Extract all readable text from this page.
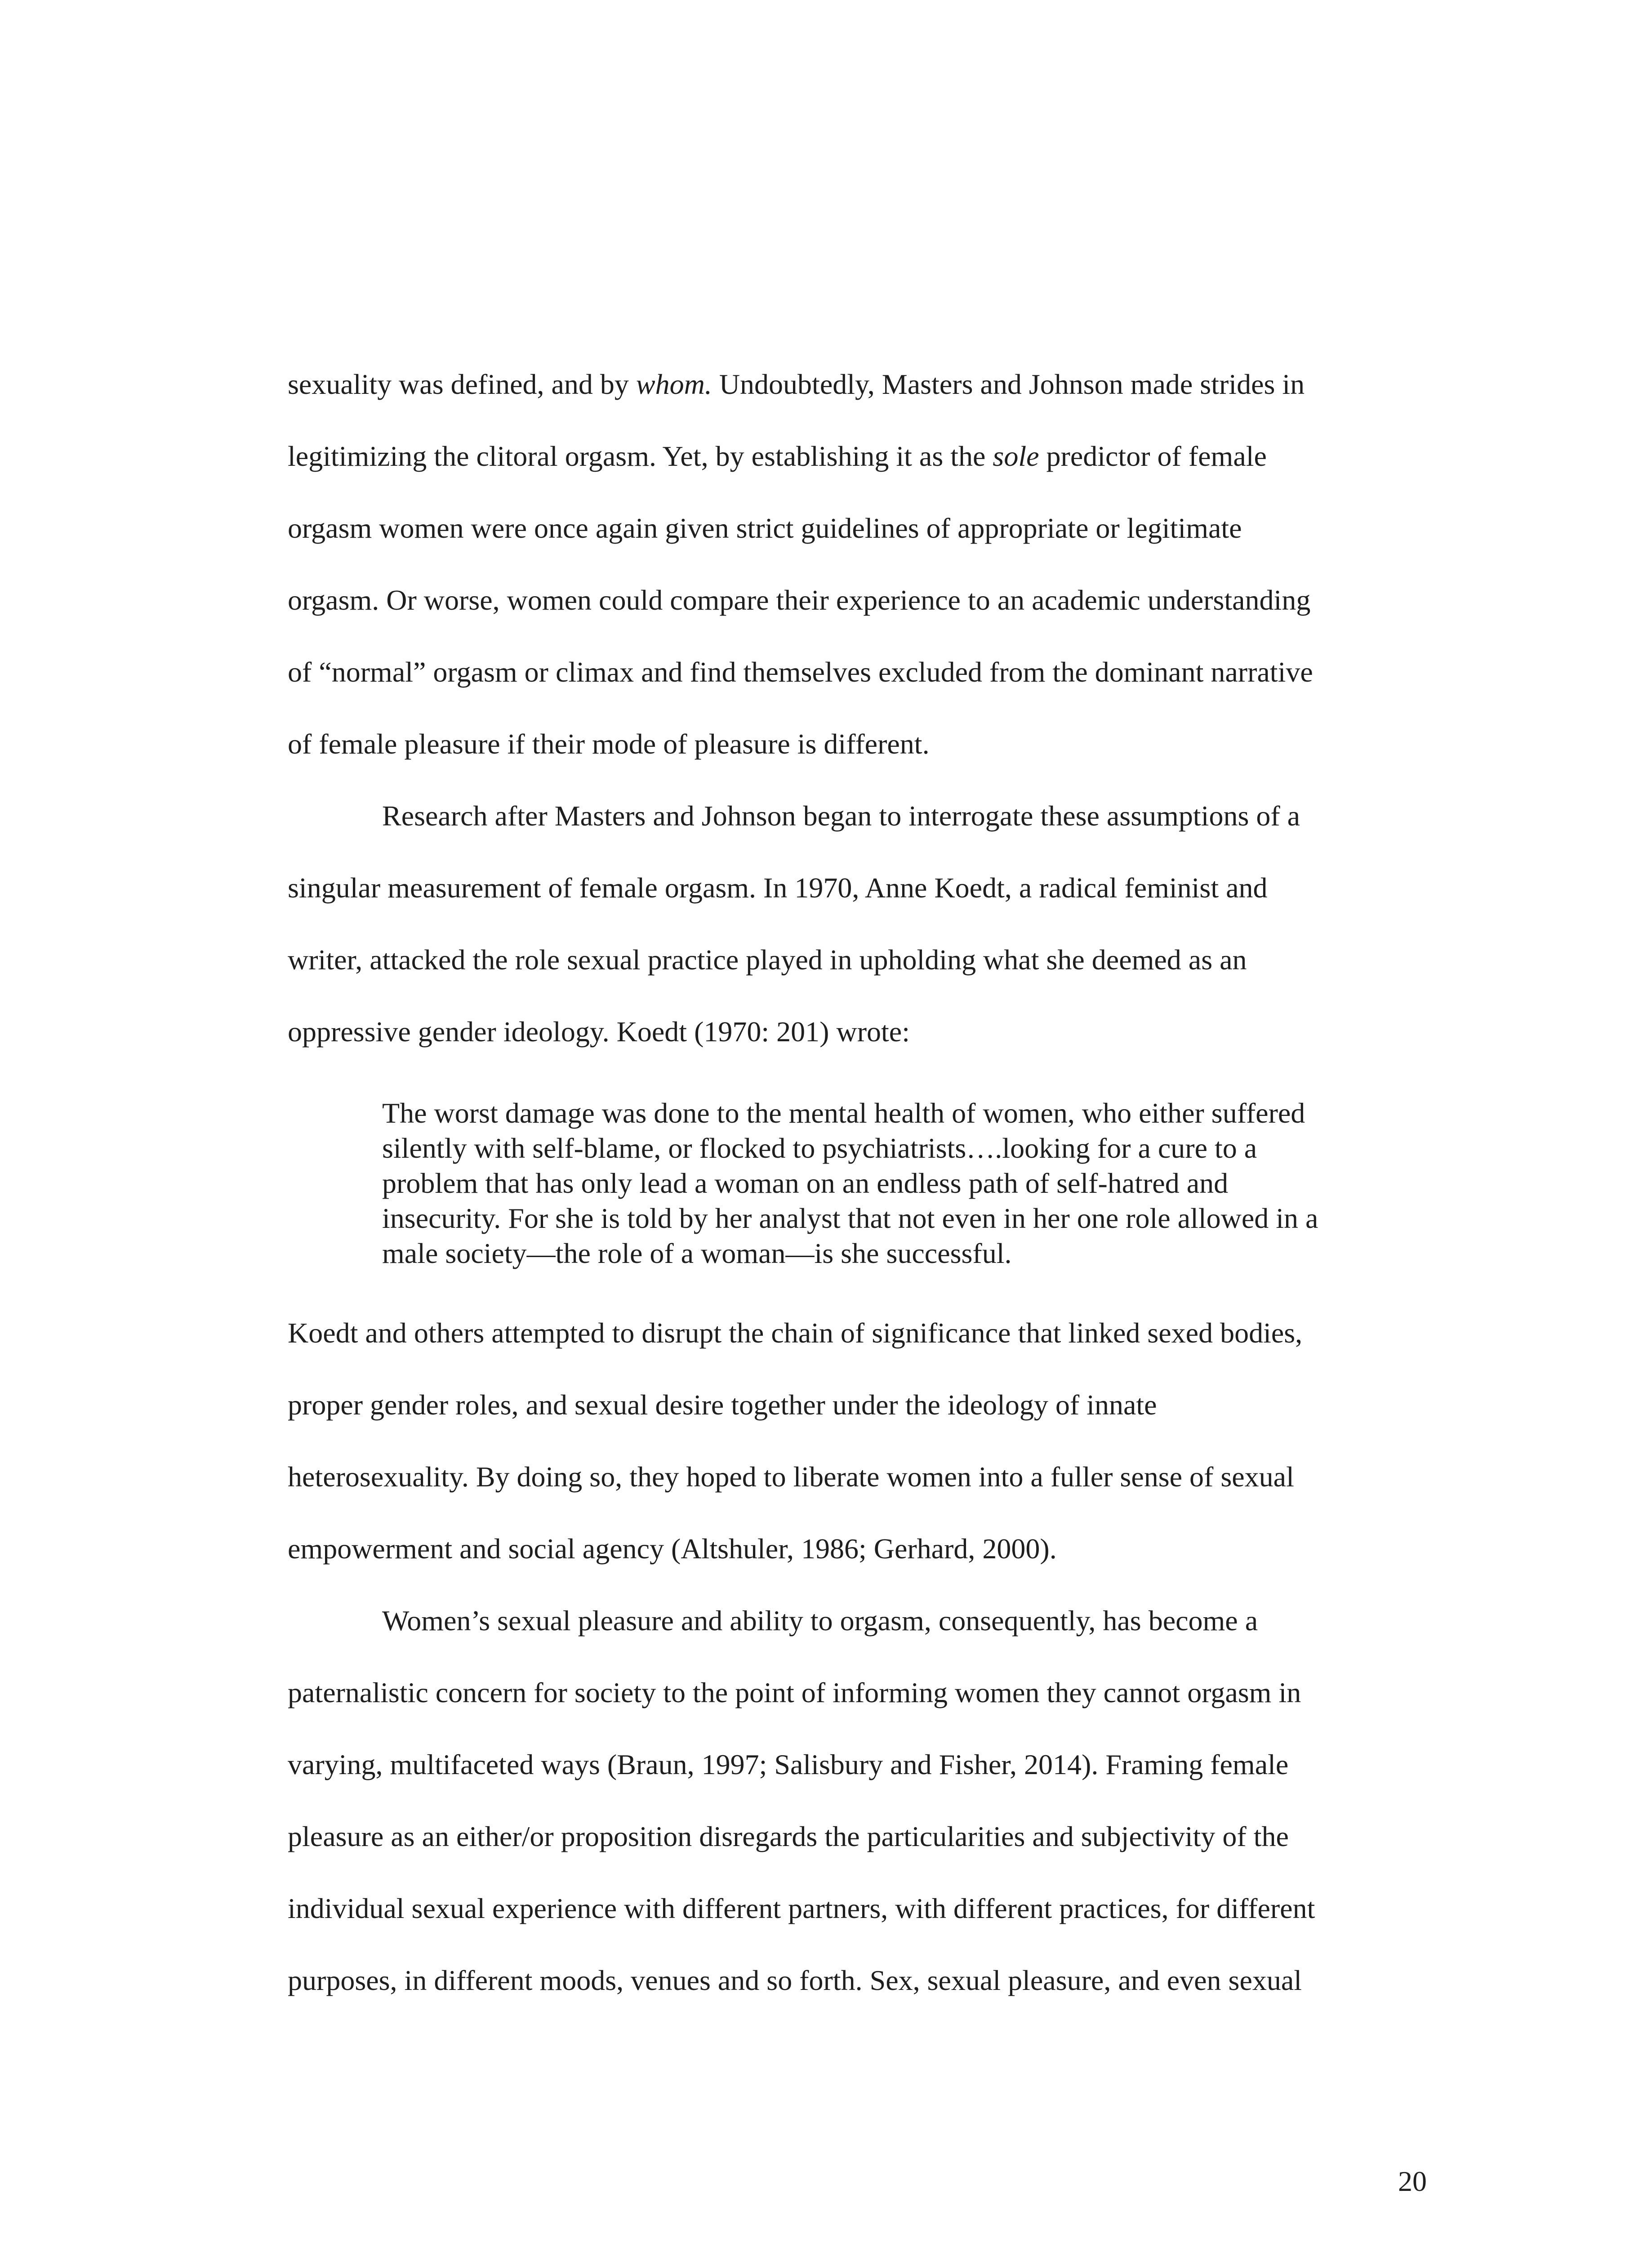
sexuality was defined, and by whom. Undoubtedly, Masters and Johnson made strides in
legitimizing the clitoral orgasm. Yet, by establishing it as the sole predictor of female
orgasm women were once again given strict guidelines of appropriate or legitimate
orgasm. Or worse, women could compare their experience to an academic understanding
of “normal” orgasm or climax and find themselves excluded from the dominant narrative
of female pleasure if their mode of pleasure is different.
Research after Masters and Johnson began to interrogate these assumptions of a
singular measurement of female orgasm. In 1970, Anne Koedt, a radical feminist and
writer, attacked the role sexual practice played in upholding what she deemed as an
oppressive gender ideology. Koedt (1970: 201) wrote:
The worst damage was done to the mental health of women, who either suffered
silently with self-blame, or flocked to psychiatrists….looking for a cure to a
problem that has only lead a woman on an endless path of self-hatred and
insecurity. For she is told by her analyst that not even in her one role allowed in a
male society—the role of a woman—is she successful.
Koedt and others attempted to disrupt the chain of significance that linked sexed bodies,
proper gender roles, and sexual desire together under the ideology of innate
heterosexuality. By doing so, they hoped to liberate women into a fuller sense of sexual
empowerment and social agency (Altshuler, 1986; Gerhard, 2000).
Women’s sexual pleasure and ability to orgasm, consequently, has become a
paternalistic concern for society to the point of informing women they cannot orgasm in
varying, multifaceted ways (Braun, 1997; Salisbury and Fisher, 2014). Framing female
pleasure as an either/or proposition disregards the particularities and subjectivity of the
individual sexual experience with different partners, with different practices, for different
purposes, in different moods, venues and so forth. Sex, sexual pleasure, and even sexual
20
